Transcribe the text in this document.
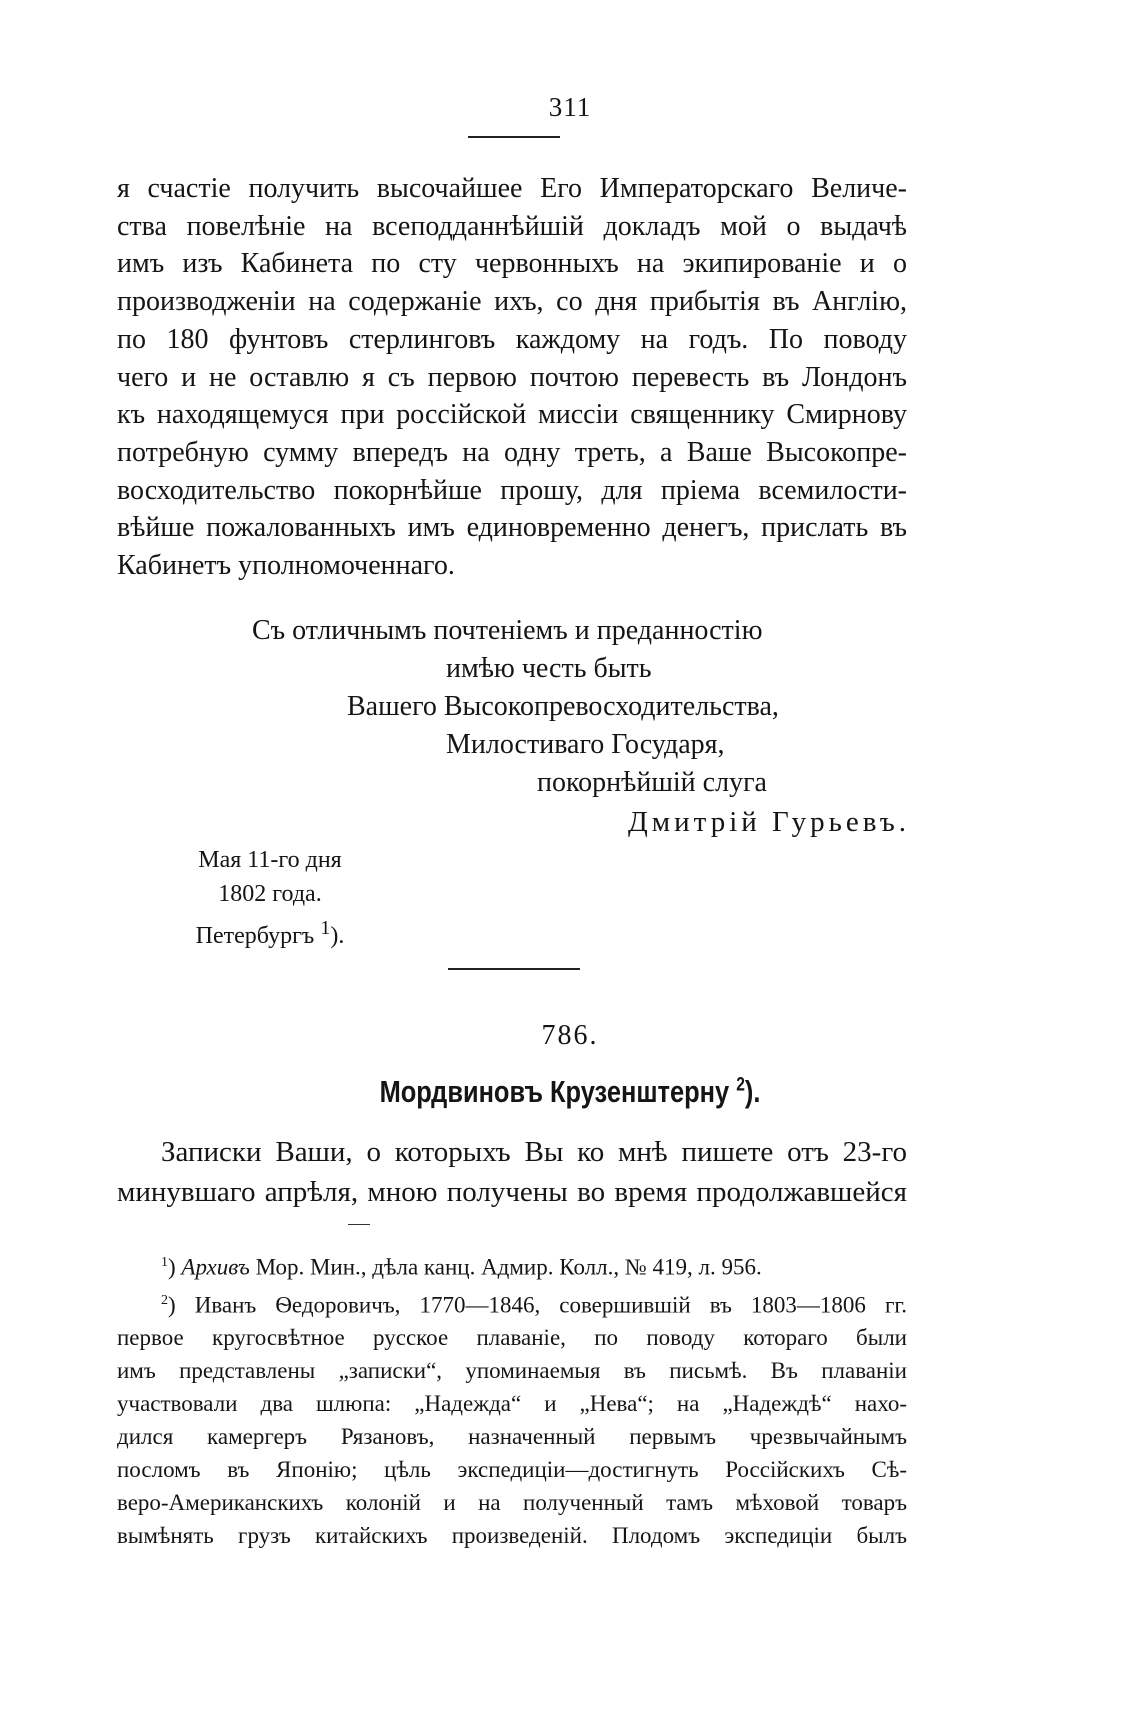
311
я счастіе получить высочайшее Его Императорскаго Величе-
ства повелѣніе на всеподданнѣйшій докладъ мой о выдачѣ
имъ изъ Кабинета по сту червонныхъ на экипированіе и о
производженіи на содержаніе ихъ, со дня прибытія въ Англію,
по 180 фунтовъ стерлинговъ каждому на годъ. По поводу
чего и не оставлю я съ первою почтою перевесть въ Лондонъ
къ находящемуся при россійской миссіи священнику Смирнову
потребную сумму впередъ на одну треть, а Ваше Высокопре-
восходительство покорнѣйше прошу, для пріема всемилости-
вѣйше пожалованныхъ имъ единовременно денегъ, прислать въ
Кабинетъ уполномоченнаго.
Съ отличнымъ почтеніемъ и преданностію
имѣю честь быть
Вашего Высокопревосходительства,
Милостиваго Государя,
покорнѣйшій слуга
Дмитрій Гурьевъ.
Мая 11-го дня
1802 года.
Петербургъ $^1$).
786.
Мордвиновъ Крузенштерну $^2$).
Записки Ваши, о которыхъ Вы ко мнѣ пишете отъ 23-го
минувшаго апрѣля, мною получены во время продолжавшейся
$^1$) Архивъ Мор. Мин., дѣла канц. Адмир. Колл., № 419, л. 956.
$^2$) Иванъ Ѳедоровичъ, 1770—1846, совершившій въ 1803—1806 гг.
первое кругосвѣтное русское плаваніе, по поводу котораго были
имъ представлены „записки“, упоминаемыя въ письмѣ. Въ плаваніи
участвовали два шлюпа: „Надежда“ и „Нева“; на „Надеждѣ“ нахо-
дился камергеръ Рязановъ, назначенный первымъ чрезвычайнымъ
посломъ въ Японію; цѣль экспедиціи—достигнуть Россійскихъ Сѣ-
веро-Американскихъ колоній и на полученный тамъ мѣховой товаръ
вымѣнять грузъ китайскихъ произведеній. Плодомъ экспедиціи былъ
